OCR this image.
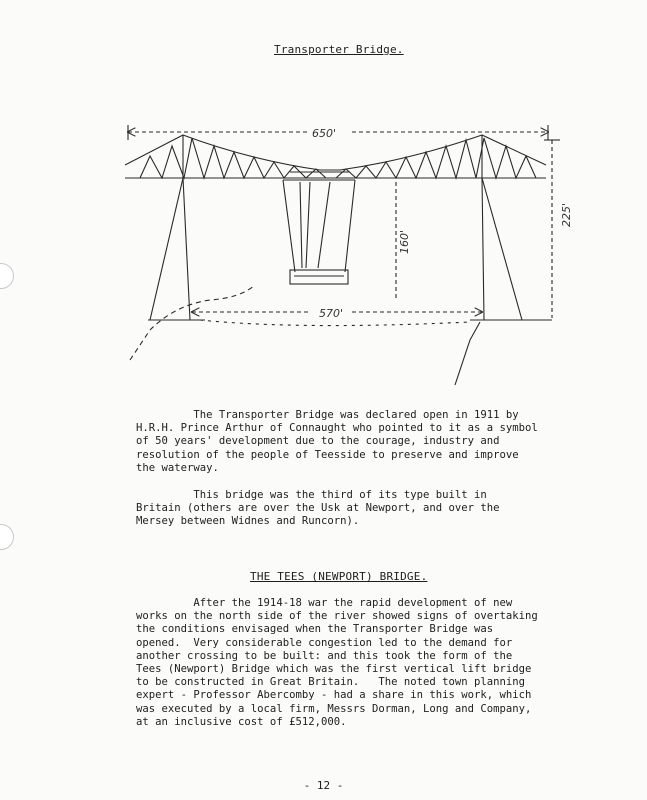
Transporter Bridge.
650'
570'
160'
225'
The Transporter Bridge was declared open in 1911 by
H.R.H. Prince Arthur of Connaught who pointed to it as a symbol
of 50 years' development due to the courage, industry and
resolution of the people of Teesside to preserve and improve
the waterway.
This bridge was the third of its type built in
Britain (others are over the Usk at Newport, and over the
Mersey between Widnes and Runcorn).
THE TEES (NEWPORT) BRIDGE.
After the 1914-18 war the rapid development of new
works on the north side of the river showed signs of overtaking
the conditions envisaged when the Transporter Bridge was
opened.  Very considerable congestion led to the demand for
another crossing to be built: and this took the form of the
Tees (Newport) Bridge which was the first vertical lift bridge
to be constructed in Great Britain.   The noted town planning
expert - Professor Abercomby - had a share in this work, which
was executed by a local firm, Messrs Dorman, Long and Company,
at an inclusive cost of £512,000.
- 12 -
